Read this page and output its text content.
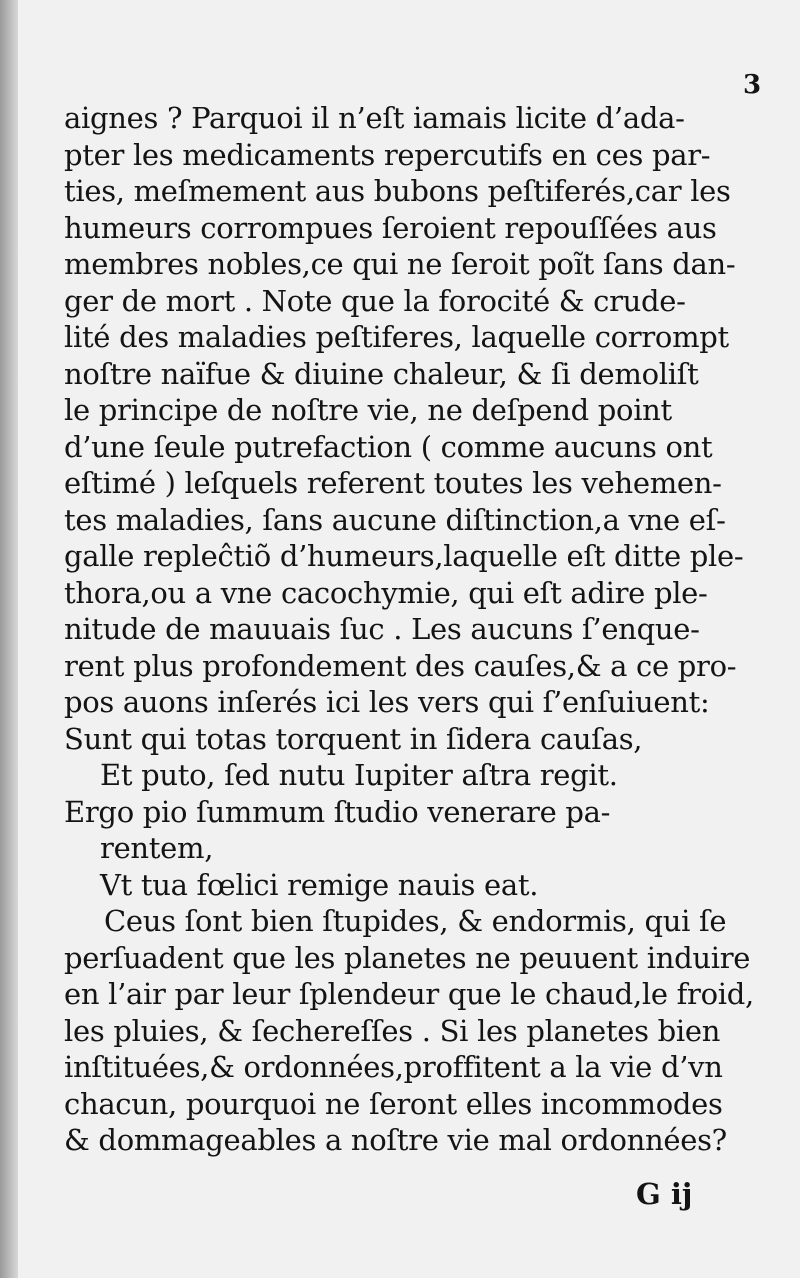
3
aignes ? Parquoi il n’eſt iamais licite d’ada-
pter les medicaments repercutifs en ces par-
ties, meſmement aus bubons peſtiferés,car les
humeurs corrompues ſeroient repouſſées aus
membres nobles,ce qui ne ſeroit poĩt ſans dan-
ger de mort . Note que la forocité & crude-
lité des maladies peſtiferes, laquelle corrompt
noſtre naïfue & diuine chaleur, & ſi demoliſt
le principe de noſtre vie, ne deſpend point
d’une ſeule putrefaction ( comme aucuns ont
eſtimé ) leſquels referent toutes les vehemen-
tes maladies, ſans aucune diſtinction,a vne eſ-
galle repleĉtiõ d’humeurs,laquelle eſt ditte ple-
thora,ou a vne cacochymie, qui eſt adire ple-
nitude de mauuais ſuc . Les aucuns ſ’enque-
rent plus profondement des cauſes,& a ce pro-
pos auons inſerés ici les vers qui ſ’enſuiuent:
Sunt qui totas torquent in ſidera cauſas,
Et puto, ſed nutu Iupiter aſtra regit.
Ergo pio ſummum ſtudio venerare pa-
rentem,
Vt tua fœlici remige nauis eat.
Ceus ſont bien ſtupides, & endormis, qui ſe
perſuadent que les planetes ne peuuent induire
en l’air par leur ſplendeur que le chaud,le froid,
les pluies, & ſechereſſes . Si les planetes bien
inſtituées,& ordonnées,proffitent a la vie d’vn
chacun, pourquoi ne ſeront elles incommodes
& dommageables a noſtre vie mal ordonnées?
G ij
